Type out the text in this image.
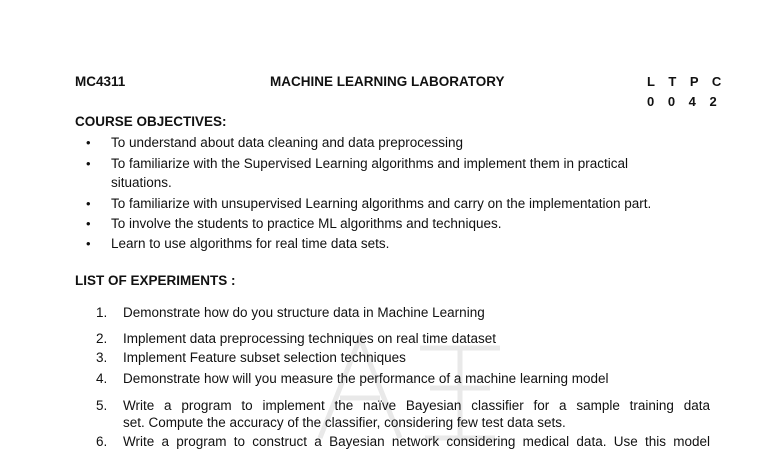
MC4311	MACHINE LEARNING LABORATORY	L T P C
0 0 4 2
COURSE OBJECTIVES:
• To understand about data cleaning and data preprocessing
• To familiarize with the Supervised Learning algorithms and implement them in practical
situations.
• To familiarize with unsupervised Learning algorithms and carry on the implementation part.
• To involve the students to practice ML algorithms and techniques.
• Learn to use algorithms for real time data sets.
LIST OF EXPERIMENTS :
1. Demonstrate how do you structure data in Machine Learning
2. Implement data preprocessing techniques on real time dataset
3. Implement Feature subset selection techniques
4. Demonstrate how will you measure the performance of a machine learning model
5. Write a program to implement the naïve Bayesian classifier for a sample training data
set. Compute the accuracy of the classifier, considering few test data sets.
6. Write a program to construct a Bayesian network considering medical data. Use this model
